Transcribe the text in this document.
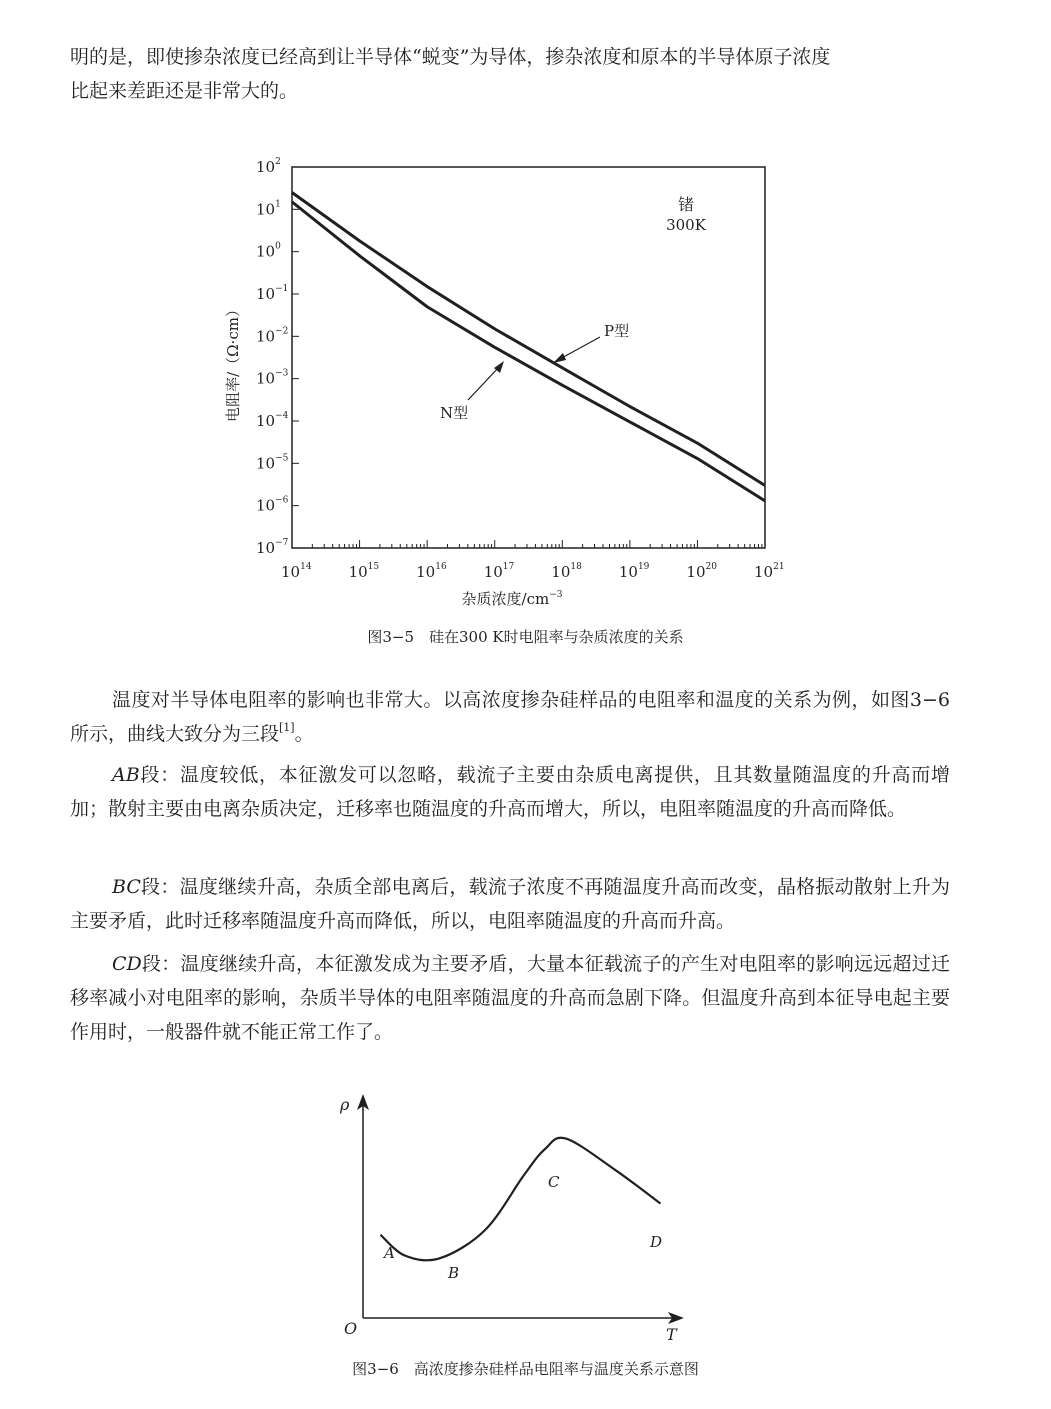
明的是，即使掺杂浓度已经高到让半导体“蜕变”为导体，掺杂浓度和原本的半导体原子浓度
比起来差距还是非常大的。

$10^2$
$10^1$
$10^0$
$10^{-1}$
$10^{-2}$
$10^{-3}$
$10^{-4}$
$10^{-5}$
$10^{-6}$
$10^{-7}$
$10^{14}$ $10^{15}$ $10^{16}$ $10^{17}$ $10^{18}$ $10^{19}$ $10^{20}$ $10^{21}$
锗
300K
P型
N型
电阻率/（Ω·cm）
杂质浓度$/cm^{-3}$

图3−5　硅在300 K时电阻率与杂质浓度的关系

温度对半导体电阻率的影响也非常大。以高浓度掺杂硅样品的电阻率和温度的关系为例，如图3−6所示，曲线大致分为三段[1]。

AB段：温度较低，本征激发可以忽略，载流子主要由杂质电离提供，且其数量随温度的升高而增加；散射主要由电离杂质决定，迁移率也随温度的升高而增大，所以，电阻率随温度的升高而降低。

BC段：温度继续升高，杂质全部电离后，载流子浓度不再随温度升高而改变，晶格振动散射上升为主要矛盾，此时迁移率随温度升高而降低，所以，电阻率随温度的升高而升高。

CD段：温度继续升高，本征激发成为主要矛盾，大量本征载流子的产生对电阻率的影响远远超过迁移率减小对电阻率的影响，杂质半导体的电阻率随温度的升高而急剧下降。但温度升高到本征导电起主要作用时，一般器件就不能正常工作了。

ρ
T
O
A
B
C
D

图3−6　高浓度掺杂硅样品电阻率与温度关系示意图
